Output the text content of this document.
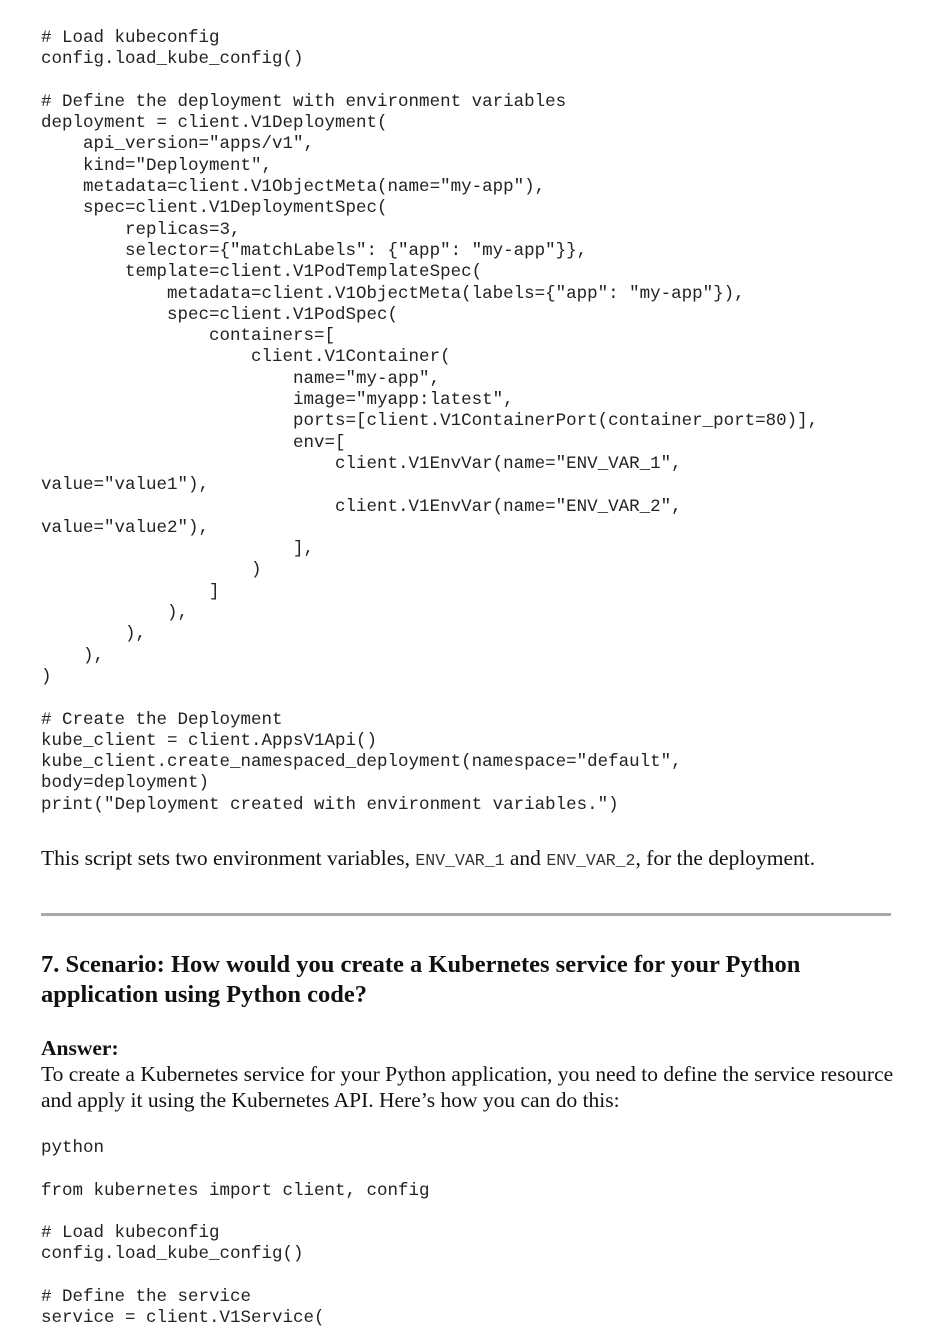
# Load kubeconfig
config.load_kube_config()
# Define the deployment with environment variables
deployment = client.V1Deployment(
api_version="apps/v1",
kind="Deployment",
metadata=client.V1ObjectMeta(name="my-app"),
spec=client.V1DeploymentSpec(
replicas=3,
selector={"matchLabels": {"app": "my-app"}},
template=client.V1PodTemplateSpec(
metadata=client.V1ObjectMeta(labels={"app": "my-app"}),
spec=client.V1PodSpec(
containers=[
client.V1Container(
name="my-app",
image="myapp:latest",
ports=[client.V1ContainerPort(container_port=80)],
env=[
client.V1EnvVar(name="ENV_VAR_1",
value="value1"),
client.V1EnvVar(name="ENV_VAR_2",
value="value2"),
],
)
]
),
),
),
)
# Create the Deployment
kube_client = client.AppsV1Api()
kube_client.create_namespaced_deployment(namespace="default",
body=deployment)
print("Deployment created with environment variables.")

This script sets two environment variables, ENV_VAR_1 and ENV_VAR_2, for the deployment.

7. Scenario: How would you create a Kubernetes service for your Python application using Python code?
Answer:

To create a Kubernetes service for your Python application, you need to define the service resource and apply it using the Kubernetes API. Here’s how you can do this:

python
from kubernetes import client, config
# Load kubeconfig
config.load_kube_config()
# Define the service
service = client.V1Service(
